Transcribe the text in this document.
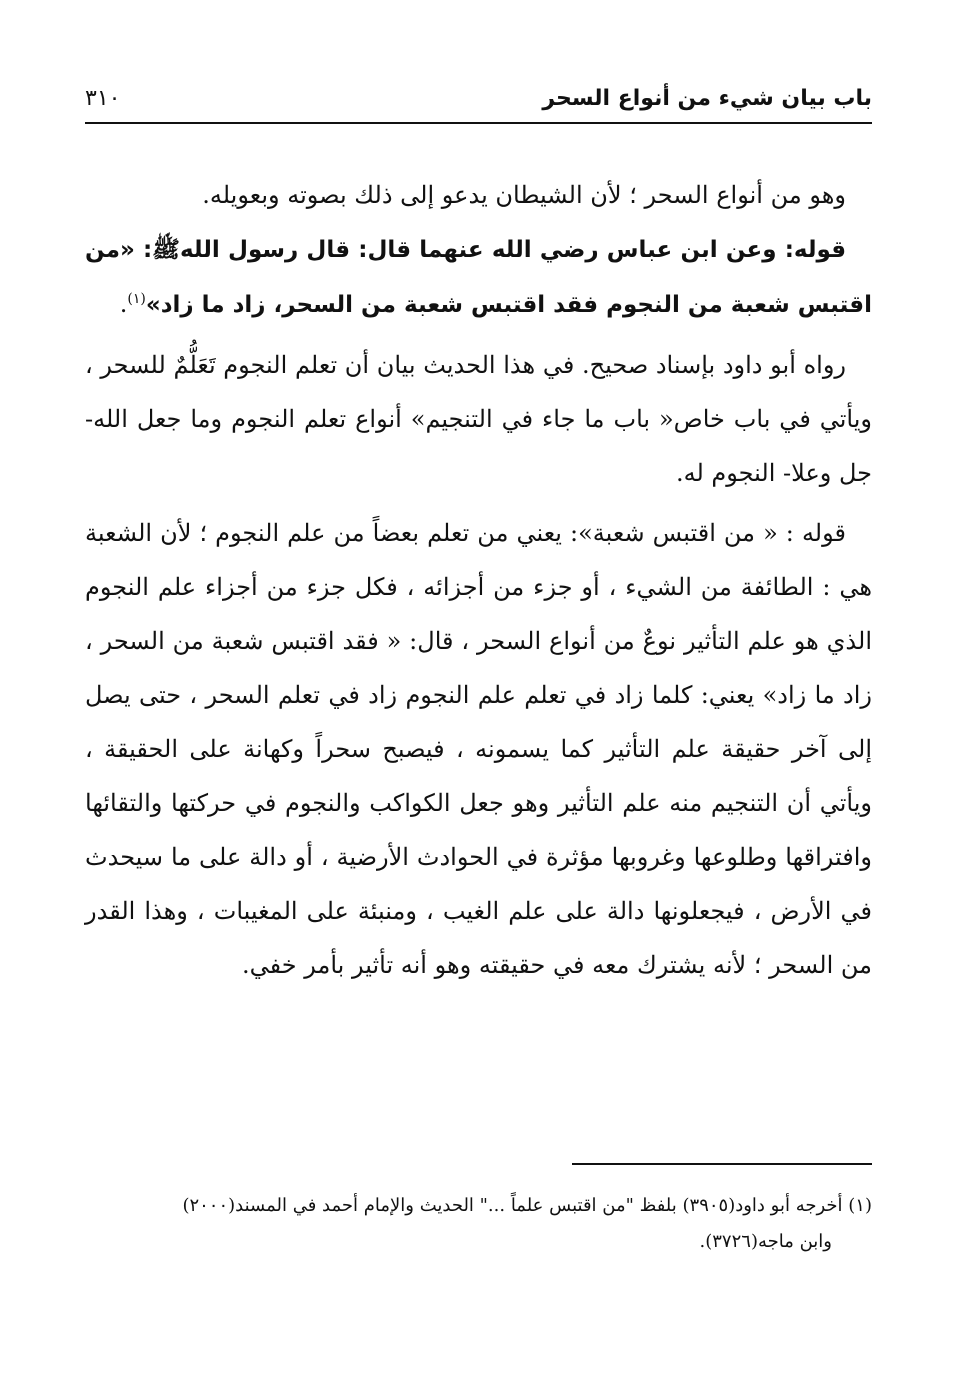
باب بيان شيء من أنواع السحر
٣١٠

وهو من أنواع السحر ؛ لأن الشيطان يدعو إلى ذلك بصوته وبعويله.

قوله: وعن ابن عباس رضي الله عنهما قال: قال رسول اللهﷺ: «من اقتبس شعبة من النجوم فقد اقتبس شعبة من السحر، زاد ما زاد»$^{(١)}$.

رواه أبو داود بإسناد صحيح. في هذا الحديث بيان أن تعلم النجوم تَعَلُّمٌ للسحر ، ويأتي في باب خاص« باب ما جاء في التنجيم» أنواع تعلم النجوم وما جعل الله- جل وعلا- النجوم له.

قوله : « من اقتبس شعبة»: يعني من تعلم بعضاً من علم النجوم ؛ لأن الشعبة هي : الطائفة من الشيء ، أو جزء من أجزائه ، فكل جزء من أجزاء علم النجوم الذي هو علم التأثير نوعٌ من أنواع السحر ، قال: « فقد اقتبس شعبة من السحر ، زاد ما زاد» يعني: كلما زاد في تعلم علم النجوم زاد في تعلم السحر ، حتى يصل إلى آخر حقيقة علم التأثير كما يسمونه ، فيصبح سحراً وكهانة على الحقيقة ، ويأتي أن التنجيم منه علم التأثير وهو جعل الكواكب والنجوم في حركتها والتقائها وافتراقها وطلوعها وغروبها مؤثرة في الحوادث الأرضية ، أو دالة على ما سيحدث في الأرض ، فيجعلونها دالة على علم الغيب ، ومنبئة على المغيبات ، وهذا القدر من السحر ؛ لأنه يشترك معه في حقيقته وهو أنه تأثير بأمر خفي.

(١) أخرجه أبو داود(٣٩٠٥) بلفظ "من اقتبس علماً ..." الحديث والإمام أحمد في المسند(٢٠٠٠)

وابن ماجه(٣٧٢٦).
